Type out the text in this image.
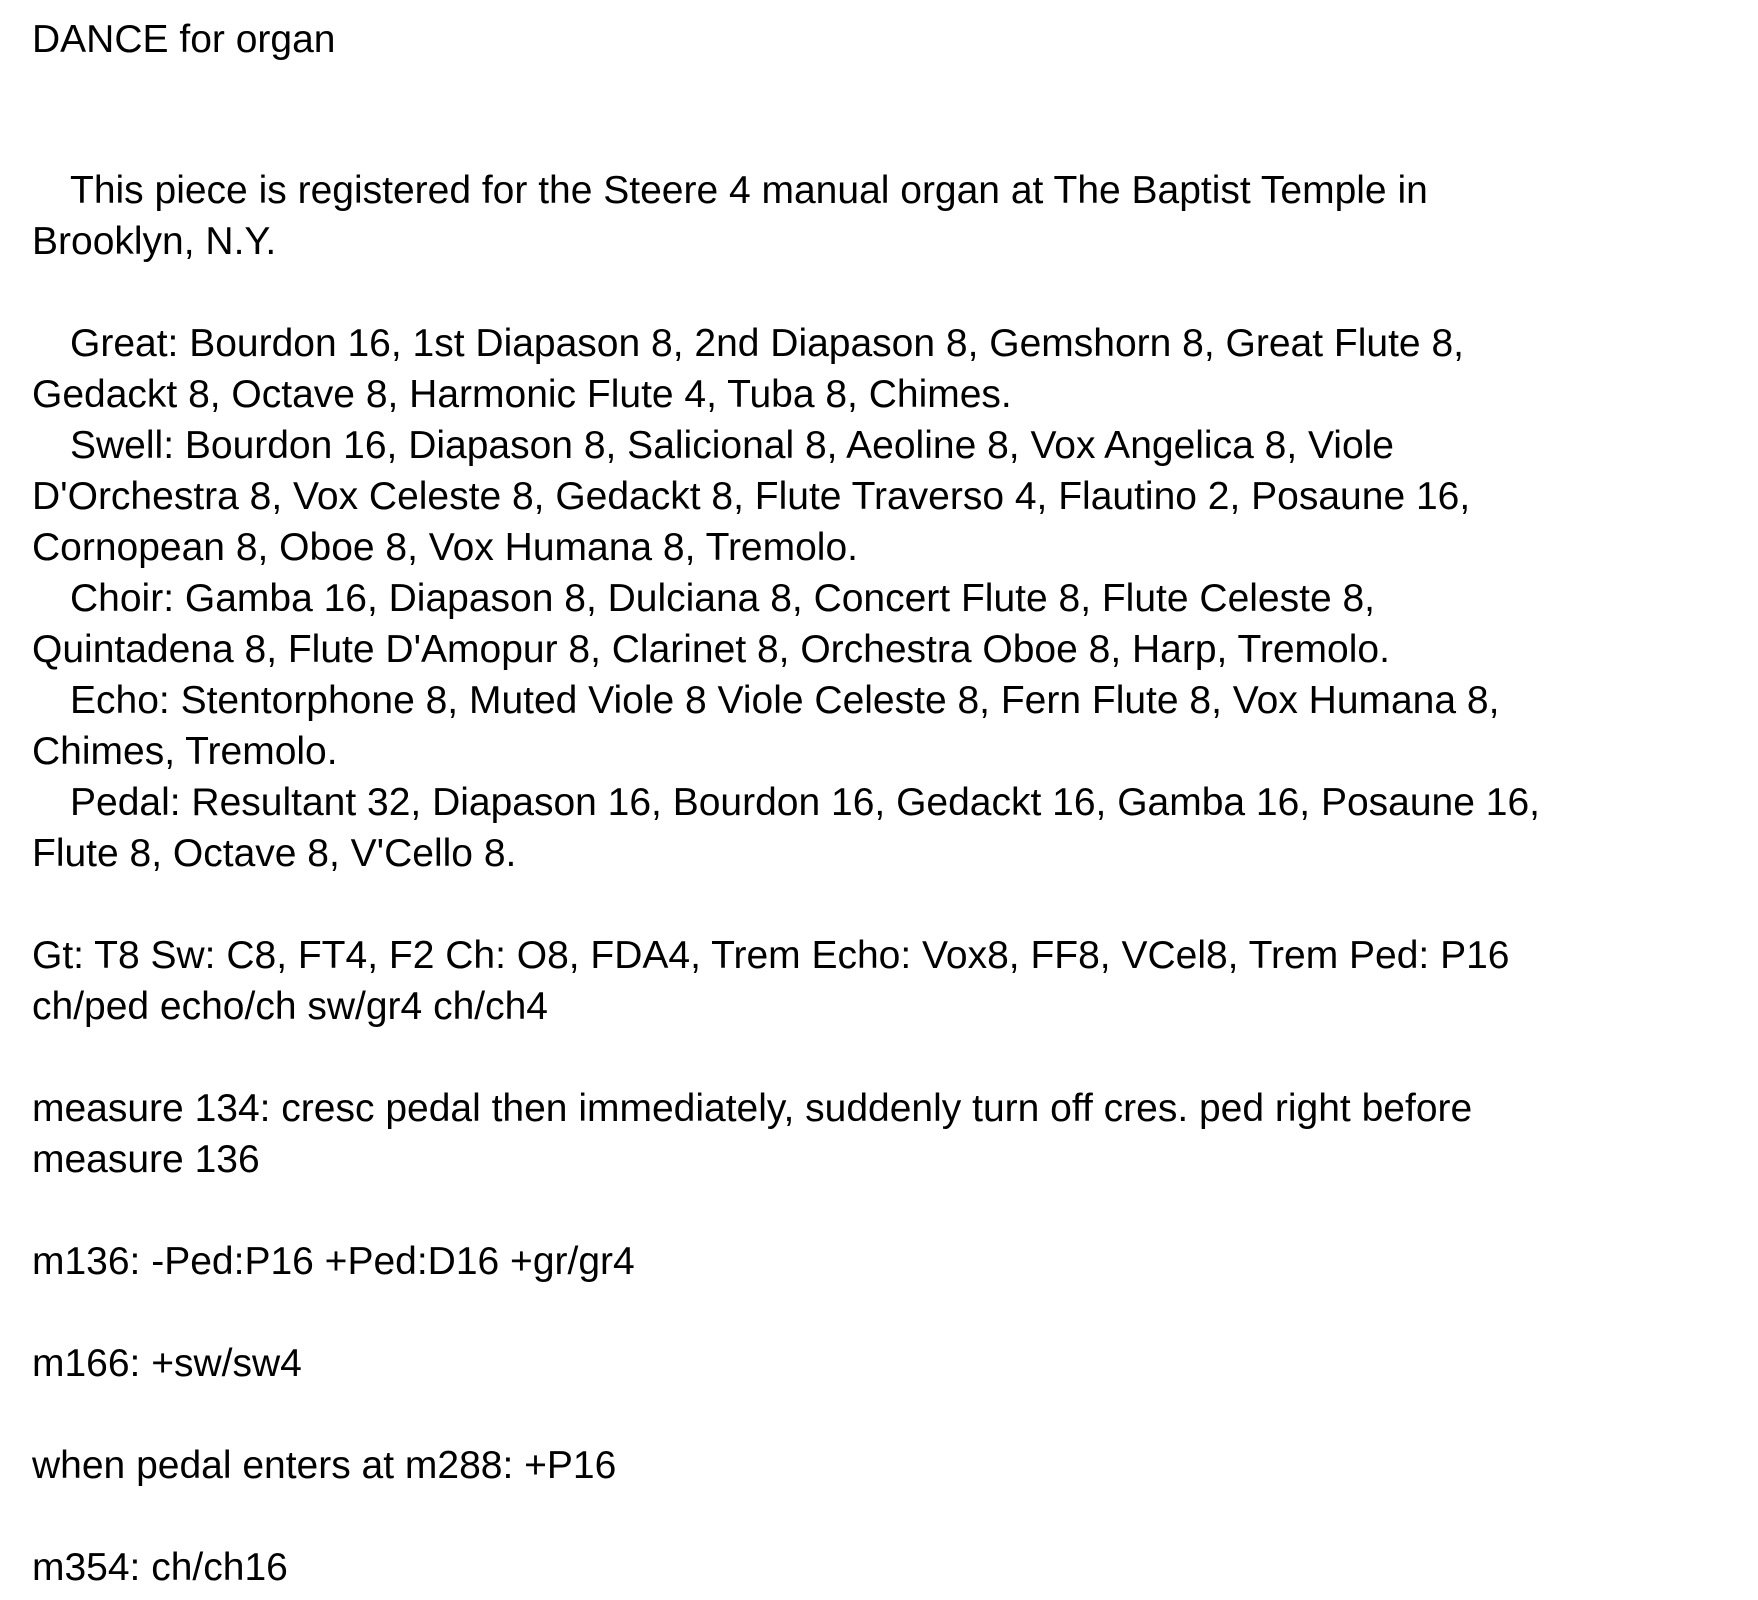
DANCE for organ
This piece is registered for the Steere 4 manual organ at The Baptist Temple in
Brooklyn, N.Y.
Great: Bourdon 16, 1st Diapason 8, 2nd Diapason 8, Gemshorn 8, Great Flute 8,
Gedackt 8, Octave 8, Harmonic Flute 4, Tuba 8, Chimes.
Swell: Bourdon 16, Diapason 8, Salicional 8, Aeoline 8, Vox Angelica 8, Viole
D'Orchestra 8, Vox Celeste 8, Gedackt 8, Flute Traverso 4, Flautino 2, Posaune 16,
Cornopean 8, Oboe 8, Vox Humana 8, Tremolo.
Choir: Gamba 16, Diapason 8, Dulciana 8, Concert Flute 8, Flute Celeste 8,
Quintadena 8, Flute D'Amopur 8, Clarinet 8, Orchestra Oboe 8, Harp, Tremolo.
Echo: Stentorphone 8, Muted Viole 8 Viole Celeste 8, Fern Flute 8, Vox Humana 8,
Chimes, Tremolo.
Pedal: Resultant 32, Diapason 16, Bourdon 16, Gedackt 16, Gamba 16, Posaune 16,
Flute 8, Octave 8, V'Cello 8.
Gt: T8 Sw: C8, FT4, F2 Ch: O8, FDA4, Trem Echo: Vox8, FF8, VCel8, Trem Ped: P16
ch/ped echo/ch sw/gr4 ch/ch4
measure 134: cresc pedal then immediately, suddenly turn off cres. ped right before
measure 136
m136: -Ped:P16 +Ped:D16 +gr/gr4
m166: +sw/sw4
when pedal enters at m288: +P16
m354: ch/ch16
